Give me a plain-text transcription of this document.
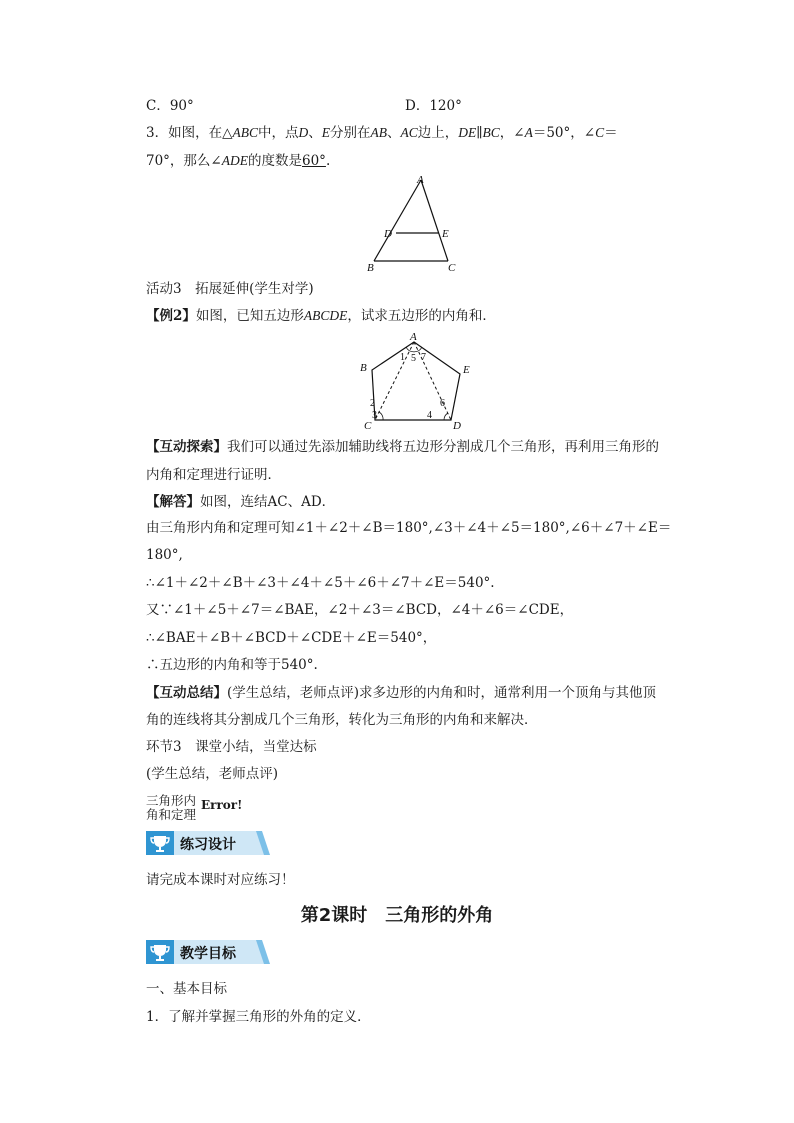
C．90°	D．120°
3．如图，在△ABC中，点D、E分别在AB、AC边上，DE∥BC，∠A＝50°，∠C＝
70°，那么∠ADE的度数是60°.
A
D	E
B	C
活动3　拓展延伸(学生对学)
【例2】如图，已知五边形ABCDE，试求五边形的内角和．
A
B
C	D
E
1 5 7
2
3
6
4
【互动探索】我们可以通过先添加辅助线将五边形分割成几个三角形，再利用三角形的
内角和定理进行证明．
【解答】如图，连结AC、AD．
由三角形内角和定理可知∠1＋∠2＋∠B＝180°,∠3＋∠4＋∠5＝180°,∠6＋∠7＋∠E＝
180°,
∴∠1＋∠2＋∠B＋∠3＋∠4＋∠5＋∠6＋∠7＋∠E＝540°.
又∵∠1＋∠5＋∠7＝∠BAE，∠2＋∠3＝∠BCD，∠4＋∠6＝∠CDE，
∴∠BAE＋∠B＋∠BCD＋∠CDE＋∠E＝540°，
∴五边形的内角和等于540°.
【互动总结】(学生总结，老师点评)求多边形的内角和时，通常利用一个顶角与其他顶
角的连线将其分割成几个三角形，转化为三角形的内角和来解决．
环节3　课堂小结，当堂达标
(学生总结，老师点评)
三角形内
角和定理
Error!
练习设计
请完成本课时对应练习！
第2课时　三角形的外角
教学目标
一、基本目标
1．了解并掌握三角形的外角的定义．
